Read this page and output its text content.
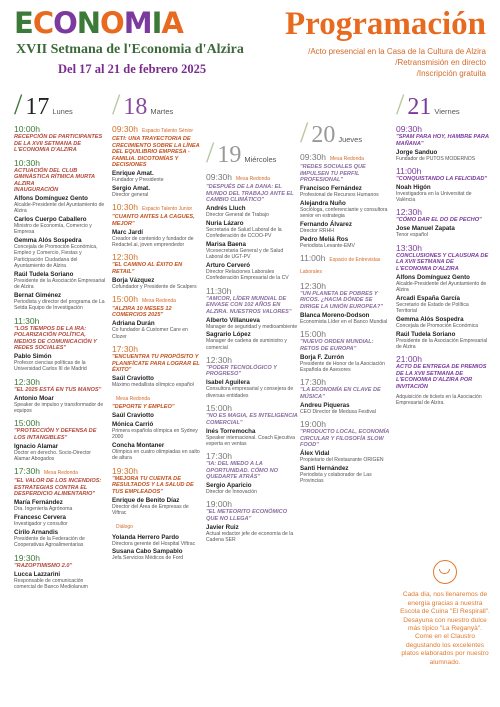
ECONOMIA
XVII Setmana de l'Economia d'Alzira
Del 17 al 21 de febrero 2025
Programación
/Acto presencial en la Casa de la Cultura de Alzira
/Retransmisión en directo
/Inscripción gratuita
/ 17 Lunes
10:00h
RECEPCIÓN DE PARTICIPANTES DE LA XVII SETMANA DE L'ECONOMIA D'ALZIRA
10:30h
ACTUACIÓN DEL CLUB GIMNÀSTICA RÍTMICA MURTA ALZIRA
INAUGURACIÓN
Alfons Domínguez Gento
Alcalde-Presidente del Ayuntamiento de Alzira
Carlos Cuerpo Caballero
Ministro de Economía, Comercio y Empresa
Gemma Alós Sospedra
Concejala de Promoción Económica, Empleo y Comercio, Fiestas y Participación Ciudadana del Ayuntamiento de Alzira
Raúl Tudela Soriano
Presidente de la Asociación Empresarial de Alzira
Bernat Giménez
Periodista y director del programa de La Setda Equipo de Investigación
11:30h
"LOS TIEMPOS DE LA IRA: POLARIZACIÓN POLÍTICA, MEDIOS DE COMUNICACIÓN Y REDES SOCIALES"
Pablo Simón
Profesor ciencias políticas de la Universidad Carlos III de Madrid
12:30h
"EL 2025 ESTÁ EN TUS MANOS"
Antonio Moar
Speaker de impulso y transformador de equipos
15:00h
"PROTECCIÓN Y DEFENSA DE LOS INTANGIBLES"
Ignacio Alamar
Doctor en derecho. Socio-Director Alamar Abogados
17:30h Mesa Redonda
"EL VALOR DE LOS INCENDIOS: ESTRATEGIAS CONTRA EL DESPERDICIO ALIMENTARIO"
María Fernández
Dra. Ingeniería Agrónoma
Francesc Cervera
Investigador y consultor
Cirilo Arnandis
Presidente de la Federación de Cooperativas Agroalimentarias
19:30h
"RAZOPTIMISMO 2.0"
Lucca Lazzarini
Responsable de comunicación comercial de Banco Mediolanum
/ 18 Martes
09:30h Espacio Talento Sénior
CETI: UNA TRAYECTORIA DE CRECIMIENTO SOBRE LA LÍNEA DEL EQUILIBRIO EMPRESA - FAMILIA. DICOTOMÍAS Y DECISIONES
Enrique Amat.
Fundador y Presidente
Sergio Amat.
Director general
10:30h Espacio Talento Junior
"CUANTO ANTES LA CAGUES, MEJOR"
Marc Jardí
Creador de contenido y fundador de Redactel.ai, joven emprendedor
12:30h
"EL CAMINO AL ÉXITO EN RETAIL"
Borja Vázquez
Cofundador y Presidente de Scalpers
15:00h Mesa Redonda
"ALZIRA 10 MESES 12 COMERCIOS 2025"
Adriana Durán
Co fundador & Customer Care en Clozer
17:30h
"ENCUENTRA TU PROPÓSITO Y PLANIFÍCATE PARA LOGRAR EL ÉXITO"
Saúl Craviotto
Máximo medallista olímpico español
Mesa Redonda
"DEPORTE Y EMPLEO"
Saúl Craviotto
Mónica Carrió
Primera española olímpica en Sydney 2000
Concha Montaner
Olímpica en cuatro olimpiadas en salto de altura
19:30h
"MEJORA TU CUENTA DE RESULTADOS Y LA SALUD DE TUS EMPLEADOS"
Enrique de Benito Díaz
Director del Área de Empresas de Viftrac
Diálogo
Yolanda Herrero Pardo
Directora gerente del Hospital Viftrac
Susana Cabo Sampablo
Jefa Servicios Médicos de Ford
/ 19 Miércoles
09:30h Mesa Redonda
"DESPUÉS DE LA DANA: EL MUNDO DEL TRABAJO ANTE EL CAMBIO CLIMÁTICO"
Andrés Lluch
Director General de Trabajo
Nuria Lázaro
Secretaria de Salud Laboral de la Confederación de CCOO-PV
Marisa Baena
Vicesecretaria General y de Salud Laboral de UGT-PV
Arturo Cerveró
Director Relaciones Laborales Confederación Empresarial de la CV
11:30h
"AMCOR, LÍDER MUNDIAL DE ENVASE CON 102 AÑOS EN ALZIRA. NUESTROS VALORES"
Alberto Villanueva
Manager de seguridad y medioambiente
Sagrario López
Manager de cadena de suministro y comercial
12:30h
"PODER TECNOLÓGICO Y PROGRESO"
Isabel Aguilera
Consultora empresarial y consejera de diversas entidades
15:00h
"NO ES MAGIA, ES INTELIGENCIA COMERCIAL"
Inés Torremocha
Speaker internacional. Coach Ejecutiva experta en ventas
17:30h
"IA: DEL MIEDO A LA OPORTUNIDAD. CÓMO NO QUEDARTE ATRÁS"
Sergio Aparicio
Director de Innovación
19:00h
"EL METEORITO ECONÓMICO QUE NO LLEGA"
Javier Ruiz
Actual redactor jefe de economía de la Cadena SER
/ 20 Jueves
09:30h Mesa Redonda
"REDES SOCIALES QUE IMPULSEN TU PERFIL PROFESIONAL"
Francisco Fernández
Profesional de Recursos Humanos
Alejandra Nuño
Socióloga, conferenciante y consultora senior en estrategia
Fernando Álvarez
Director RRHH
Pedro Meliá Ros
Periodista Levante-EMV
11:00h Espacio de Entrevistas Laborales
12:30h
"UN PLANETA DE POBRES Y RICOS. ¿HACIA DÓNDE SE DIRIGE LA UNIÓN EUROPEA?"
Blanca Moreno-Dodson
Economista Líder en el Banco Mundial
15:00h
"NUEVO ORDEN MUNDIAL: RETOS DE EUROPA"
Borja F. Zurrón
Presidente de Honor de la Asociación Española de Asesores
17:30h
"LA ECONOMÍA EN CLAVE DE MÚSICA"
Andreu Piqueras
CEO Director de Medusa Festival
19:00h
"PRODUCTO LOCAL, ECONOMÍA CIRCULAR Y FILOSOFÍA SLOW FOOD"
Álex Vidal
Propietario del Restaurante ORIGEN
Santi Hernández
Periodista y colaborador de Las Provincias
/ 21 Viernes
09:30h
"SPAM PARA HOY, HAMBRE PARA MAÑANA"
Jorge Sanduo
Fundador de PUTOS MODERNOS
11:00h
"CONQUISTANDO LA FELICIDAD"
Noah Higón
Investigadora en la Universitat de València
12:30h
"CÓMO DAR EL DO DE PECHO"
Jose Manuel Zapata
Tenor español
13:30h
CONCLUSIONES Y CLAUSURA DE LA XVII SETMANA DE L'ECONOMIA D'ALZIRA
Alfons Domínguez Gento
Alcalde-Presidente del Ayuntamiento de Alzira
Arcadi España García
Secretario de Estado de Política Territorial
Gemma Alós Sospedra
Concejala de Promoción Económica
Raúl Tudela Soriano
Presidente de la Asociación Empresarial de Alzira
21:00h
ACTO DE ENTREGA DE PREMIOS DE LA XVII SETMANA DE L'ECONOMIA D'ALZIRA POR INVITACIÓN
Adquisición de tickets en la Asociación Empresarial de Alzira.
Cada día, nos llenaremos de energía gracias a nuestra Escola de Cuina "El Respirall". Desayuna con nuestro dulce más típico "La Reganyà". Come en el Claustro degustando los excelentes platos elaborados por nuestro alumnado.
